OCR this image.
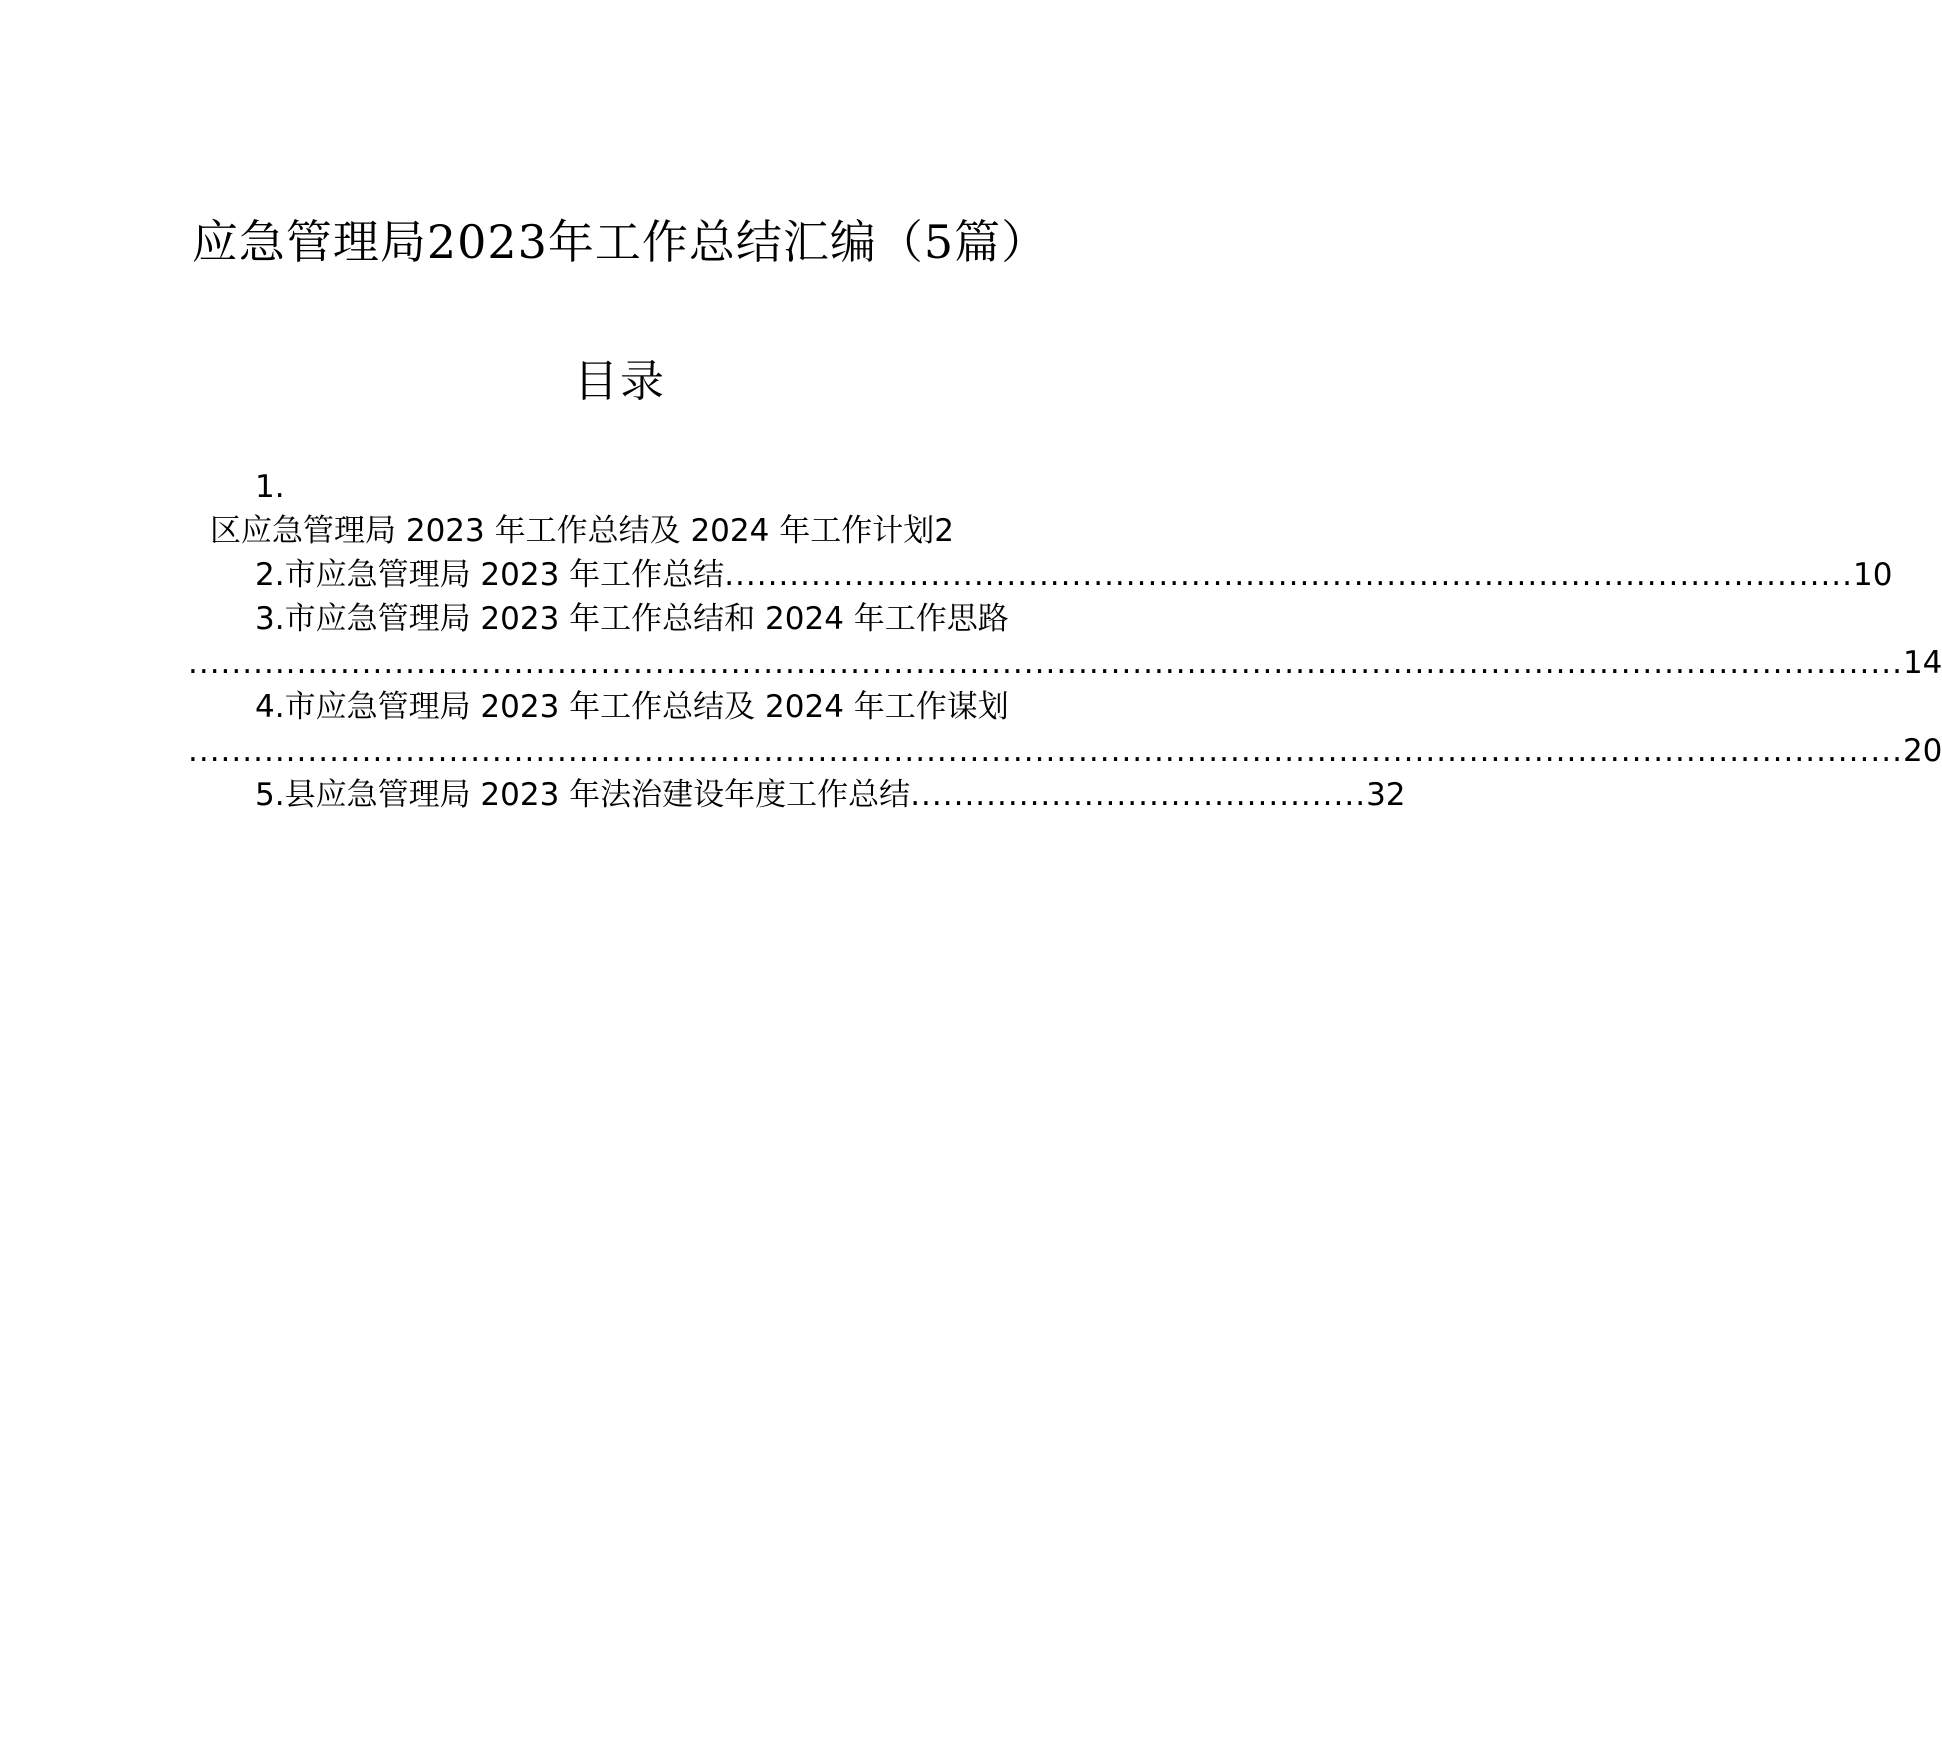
应急管理局2023年工作总结汇编（5篇）
目录
1.
区应急管理局 2023 年工作总结及 2024 年工作计划2
2.市应急管理局 2023 年工作总结 ........................................................................................................ 10
3.市应急管理局 2023 年工作总结和 2024 年工作思路
.............................................................................................................................................................. 14
4.市应急管理局 2023 年工作总结及 2024 年工作谋划
.............................................................................................................................................................. 20
5.县应急管理局 2023 年法治建设年度工作总结 .......................................... 32
